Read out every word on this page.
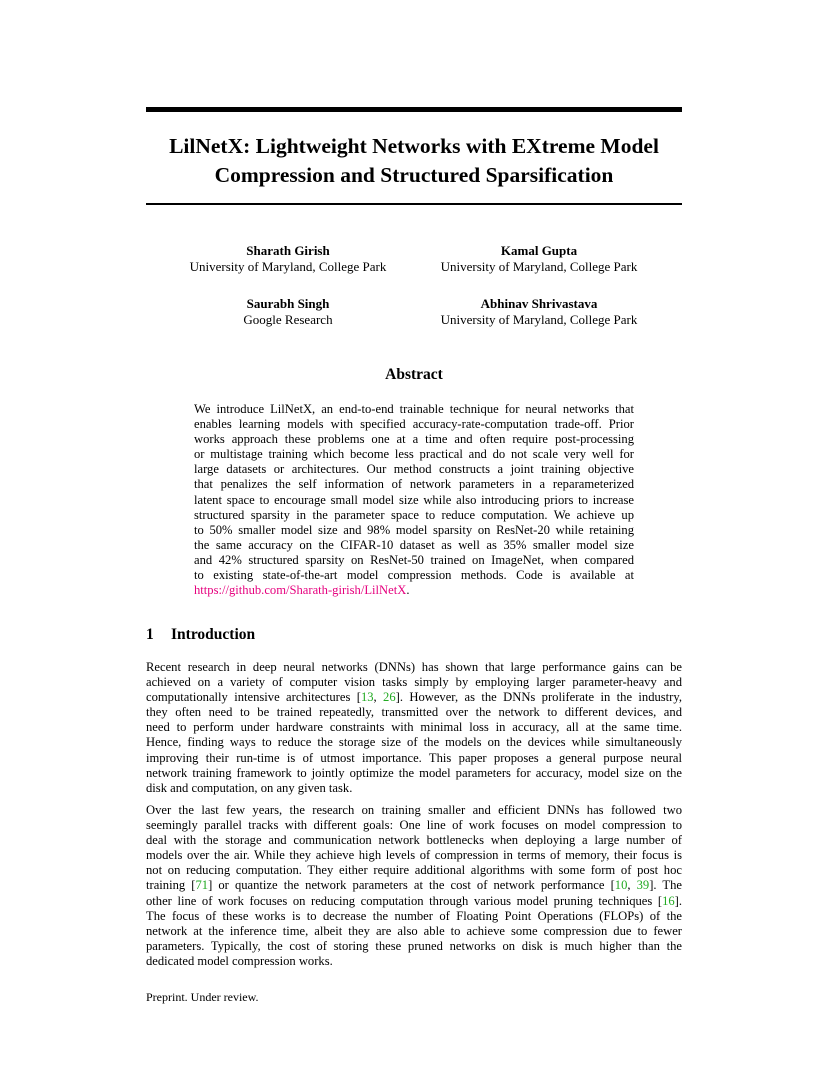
LilNetX: Lightweight Networks with EXtreme Model
Compression and Structured Sparsification
Sharath Girish
University of Maryland, College Park
Kamal Gupta
University of Maryland, College Park
Saurabh Singh
Google Research
Abhinav Shrivastava
University of Maryland, College Park
Abstract

We introduce LilNetX, an end-to-end trainable technique for neural networks that
enables learning models with specified accuracy-rate-computation trade-off. Prior
works approach these problems one at a time and often require post-processing
or multistage training which become less practical and do not scale very well for
large datasets or architectures. Our method constructs a joint training objective
that penalizes the self information of network parameters in a reparameterized
latent space to encourage small model size while also introducing priors to increase
structured sparsity in the parameter space to reduce computation. We achieve up
to 50% smaller model size and 98% model sparsity on ResNet-20 while retaining
the same accuracy on the CIFAR-10 dataset as well as 35% smaller model size
and 42% structured sparsity on ResNet-50 trained on ImageNet, when compared
to existing state-of-the-art model compression methods. Code is available at
https://github.com/Sharath-girish/LilNetX.

1 Introduction

Recent research in deep neural networks (DNNs) has shown that large performance gains can be
achieved on a variety of computer vision tasks simply by employing larger parameter-heavy and
computationally intensive architectures [13, 26]. However, as the DNNs proliferate in the industry,
they often need to be trained repeatedly, transmitted over the network to different devices, and
need to perform under hardware constraints with minimal loss in accuracy, all at the same time.
Hence, finding ways to reduce the storage size of the models on the devices while simultaneously
improving their run-time is of utmost importance. This paper proposes a general purpose neural
network training framework to jointly optimize the model parameters for accuracy, model size on the
disk and computation, on any given task.

Over the last few years, the research on training smaller and efficient DNNs has followed two
seemingly parallel tracks with different goals: One line of work focuses on model compression to
deal with the storage and communication network bottlenecks when deploying a large number of
models over the air. While they achieve high levels of compression in terms of memory, their focus is
not on reducing computation. They either require additional algorithms with some form of post hoc
training [71] or quantize the network parameters at the cost of network performance [10, 39]. The
other line of work focuses on reducing computation through various model pruning techniques [16].
The focus of these works is to decrease the number of Floating Point Operations (FLOPs) of the
network at the inference time, albeit they are also able to achieve some compression due to fewer
parameters. Typically, the cost of storing these pruned networks on disk is much higher than the
dedicated model compression works.

Preprint. Under review.
